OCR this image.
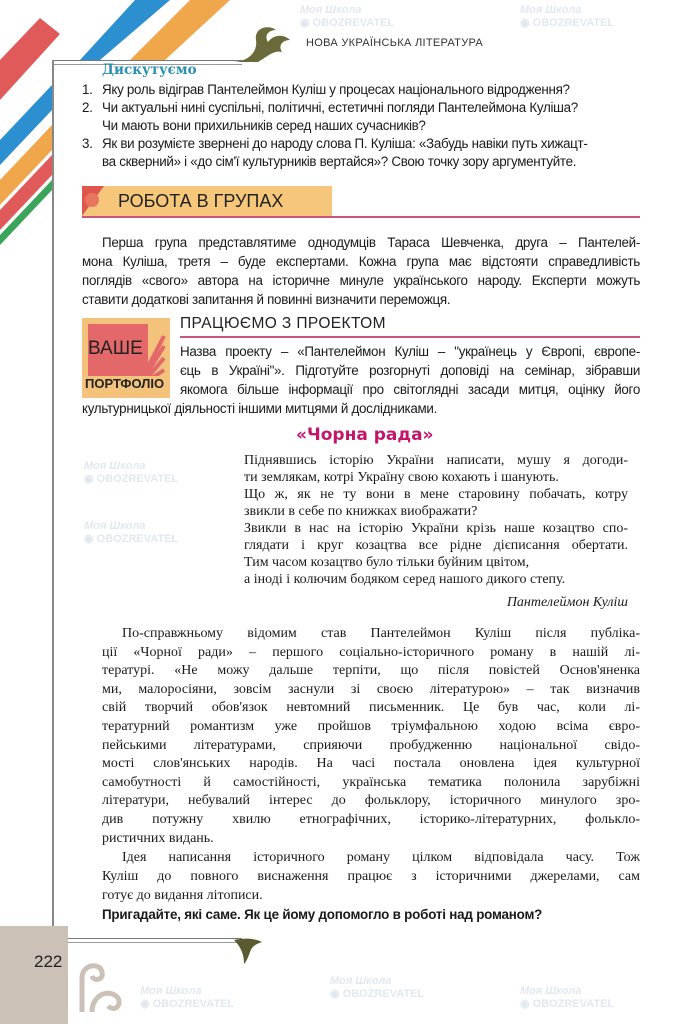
НОВА УКРАЇНСЬКА ЛІТЕРАТУРА
Дискутуємо
1. Яку роль відіграв Пантелеймон Куліш у процесах національного відродження?
2. Чи актуальні нині суспільні, політичні, естетичні погляди Пантелеймона Куліша?
Чи мають вони прихильників серед наших сучасників?
3. Як ви розумієте звернені до народу слова П. Куліша: «Забудь навіки путь хижацт-
ва скверний» і «до сім'ї культурників вертайся»? Свою точку зору аргументуйте.
РОБОТА В ГРУПАХ
Перша група представлятиме однодумців Тараса Шевченка, друга – Пантелей-
мона Куліша, третя – буде експертами. Кожна група має відстояти справедливість
поглядів «свого» автора на історичне минуле українського народу. Експерти можуть
ставити додаткові запитання й повинні визначити переможця.
ВАШЕ
ПОРТФОЛІО
ПРАЦЮЄМО З ПРОЕКТОМ
Назва проекту – «Пантелеймон Куліш – "українець у Європі, європе-
єць в Україні"». Підготуйте розгорнуті доповіді на семінар, зібравши
якомога більше інформації про світоглядні засади митця, оцінку його
культурницької діяльності іншими митцями й дослідниками.
«Чорна рада»
Піднявшись історію України написати, мушу я догоди-
ти землякам, котрі Україну свою кохають і шанують.
Що ж, як не ту вони в мене старовину побачать, котру
звикли в себе по книжках виображати?
Звикли в нас на історію України крізь наше козацтво спо-
глядати і круг козацтва все рідне дієписання обертати.
Тим часом козацтво було тільки буйним цвітом,
а іноді і колючим бодяком серед нашого дикого степу.
Пантелеймон Куліш
По-справжньому відомим став Пантелеймон Куліш після публіка-
ції «Чорної ради» – першого соціально-історичного роману в нашій лі-
тературі. «Не можу дальше терпіти, що після повістей Основ'яненка
ми, малоросіяни, зовсім заснули зі своєю літературою» – так визначив
свій творчий обов'язок невтомний письменник. Це був час, коли лі-
тературний романтизм уже пройшов тріумфальною ходою всіма євро-
пейськими літературами, сприяючи пробудженню національної свідо-
мості слов'янських народів. На часі постала оновлена ідея культурної
самобутності й самостійності, українська тематика полонила зарубіжні
літератури, небувалий інтерес до фольклору, історичного минулого зро-
див потужну хвилю етнографічних, історико-літературних, фолькло-
ристичних видань.
Ідея написання історичного роману цілком відповідала часу. Тож
Куліш до повного виснаження працює з історичними джерелами, сам
готує до видання літописи.
Пригадайте, які саме. Як це йому допомогло в роботі над романом?
222
Моя Школа
◉ OBOZREVATEL
Моя Школа
◉ OBOZREVATEL
Моя Школа
◉ OBOZREVATEL
Моя Школа
◉ OBOZREVATEL
Моя Школа
◉ OBOZREVATEL
Моя Школа
◉ OBOZREVATEL	Моя Школа
◉ OBOZREVATEL
